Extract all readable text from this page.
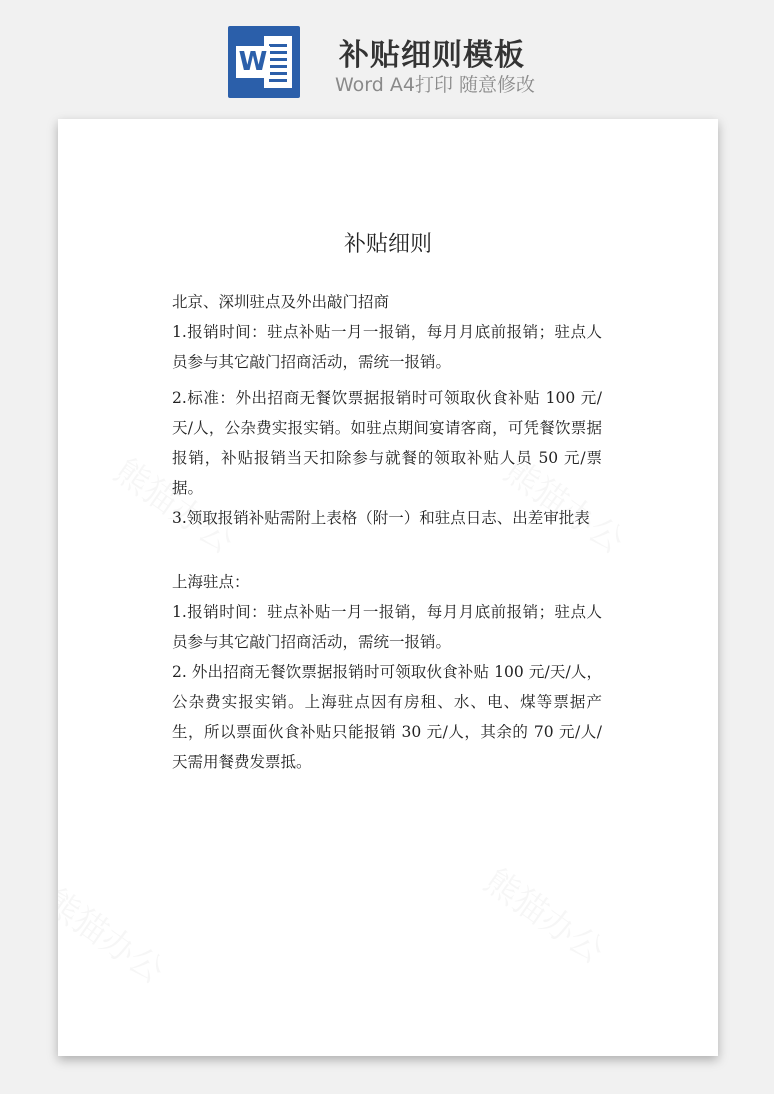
W	补贴细则模板
Word A4打印 随意修改
补贴细则

北京、深圳驻点及外出敲门招商

1.报销时间：驻点补贴一月一报销，每月月底前报销；驻点人员参与其它敲门招商活动，需统一报销。

2.标准：外出招商无餐饮票据报销时可领取伙食补贴 100 元/天/人，公杂费实报实销。如驻点期间宴请客商，可凭餐饮票据报销，补贴报销当天扣除参与就餐的领取补贴人员 50 元/票据。

3.领取报销补贴需附上表格（附一）和驻点日志、出差审批表

上海驻点：

1.报销时间：驻点补贴一月一报销，每月月底前报销；驻点人员参与其它敲门招商活动，需统一报销。

2. 外出招商无餐饮票据报销时可领取伙食补贴 100 元/天/人，公杂费实报实销。上海驻点因有房租、水、电、煤等票据产生，所以票面伙食补贴只能报销 30 元/人，其余的 70 元/人/天需用餐费发票抵。
